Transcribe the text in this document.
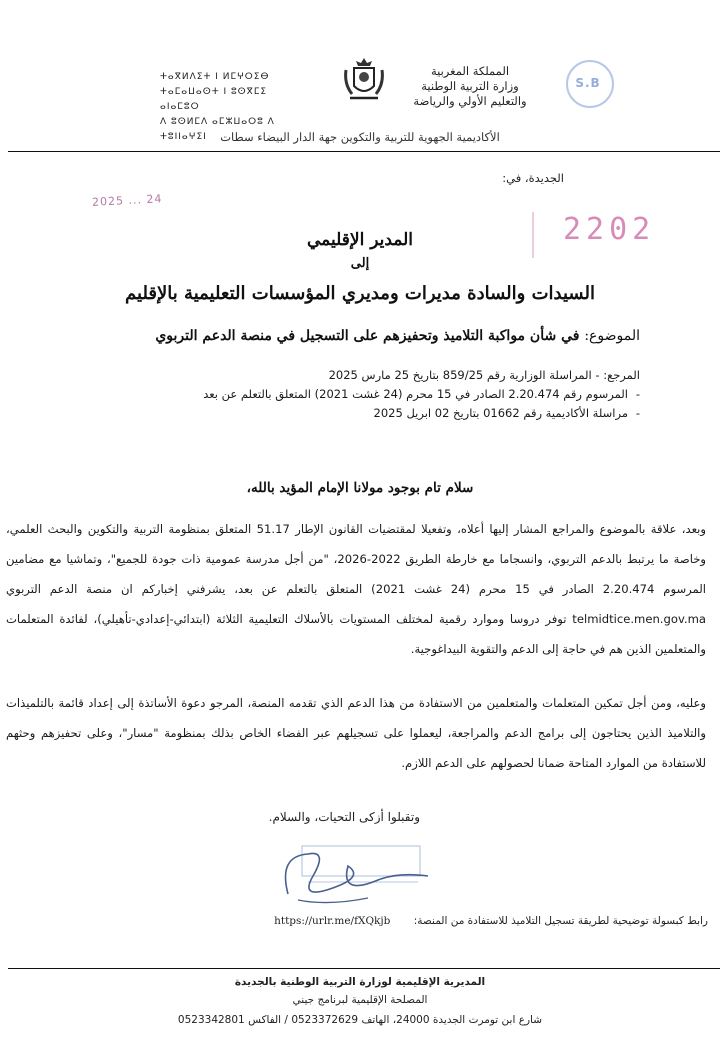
المملكة المغربية
وزارة التربية الوطنية
والتعليم الأولي والرياضة
ⵜⴰⴳⵍⴷⵉⵜ ⵏ ⵍⵎⵖⵔⵉⴱ
ⵜⴰⵎⴰⵡⴰⵙⵜ ⵏ ⵓⵙⴳⵎⵉ ⴰⵏⴰⵎⵓⵔ
ⴷ ⵓⵙⵍⵎⴷ ⴰⵎⵣⵡⴰⵔⵓ ⴷ ⵜⵓⵏⵏⴰⵖⵉⵏ
S.B
الأكاديمية الجهوية للتربية والتكوين جهة الدار البيضاء سطات
الجديدة، في:
2025 ... 24
2202
المدير الإقليمي
إلى
السيدات والسادة مديرات ومديري المؤسسات التعليمية بالإقليم
الموضوع: في شأن مواكبة التلاميذ وتحفيزهم على التسجيل في منصة الدعم التربوي
المرجع: - المراسلة الوزارية رقم 859/25 بتاريخ 25 مارس 2025
- المرسوم رقم 2.20.474 الصادر في 15 محرم (24 غشت 2021) المتعلق بالتعلم عن بعد
- مراسلة الأكاديمية رقم 01662 بتاريخ 02 ابريل 2025
سلام تام بوجود مولانا الإمام المؤيد بالله،
وبعد، علاقة بالموضوع والمراجع المشار إليها أعلاه، وتفعيلا لمقتضيات القانون الإطار 51.17 المتعلق بمنظومة التربية والتكوين والبحث العلمي، وخاصة ما يرتبط بالدعم التربوي، وانسجاما مع خارطة الطريق 2022-2026، "من أجل مدرسة عمومية ذات جودة للجميع"، وتماشيا مع مضامين المرسوم 2.20.474 الصادر في 15 محرم (24 غشت 2021) المتعلق بالتعلم عن بعد، يشرفني إخباركم ان منصة الدعم التربوي telmidtice.men.gov.ma توفر دروسا وموارد رقمية لمختلف المستويات بالأسلاك التعليمية الثلاثة (ابتدائي-إعدادي-تأهيلي)، لفائدة المتعلمات والمتعلمين الذين هم في حاجة إلى الدعم والتقوية البيداغوجية.
وعليه، ومن أجل تمكين المتعلمات والمتعلمين من الاستفادة من هذا الدعم الذي تقدمه المنصة، المرجو دعوة الأساتذة إلى إعداد قائمة بالتلميذات والتلاميذ الذين يحتاجون إلى برامج الدعم والمراجعة، ليعملوا على تسجيلهم عبر الفضاء الخاص بذلك بمنظومة "مسار"، وعلى تحفيزهم وحثهم للاستفادة من الموارد المتاحة ضمانا لحصولهم على الدعم اللازم.
وتقبلوا أزكى التحيات، والسلام.
رابط كبسولة توضيحية لطريقة تسجيل التلاميذ للاستفادة من المنصة: https://urlr.me/fXQkjb
المديرية الإقليمية لوزارة التربية الوطنية بالجديدة
المصلحة الإقليمية لبرنامج جيني
شارع ابن تومرت الجديدة 24000، الهاتف 0523372629 / الفاكس 0523342801
